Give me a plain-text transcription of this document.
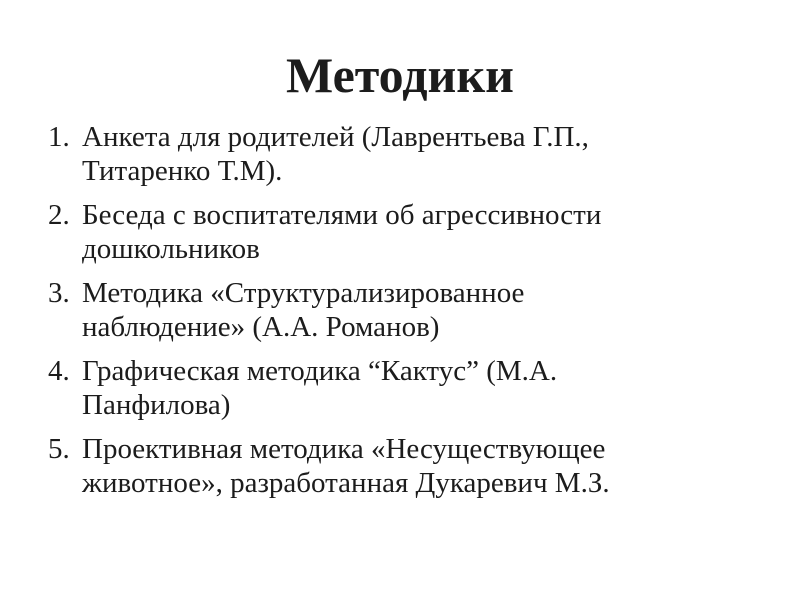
Методики
1. Анкета для родителей (Лаврентьева Г.П.,
Титаренко Т.М).
2. Беседа с воспитателями об агрессивности
дошкольников
3. Методика «Структурализированное
наблюдение» (А.А. Романов)
4. Графическая методика “Кактус” (М.А.
Панфилова)
5. Проективная методика «Несуществующее
животное», разработанная Дукаревич М.З.
